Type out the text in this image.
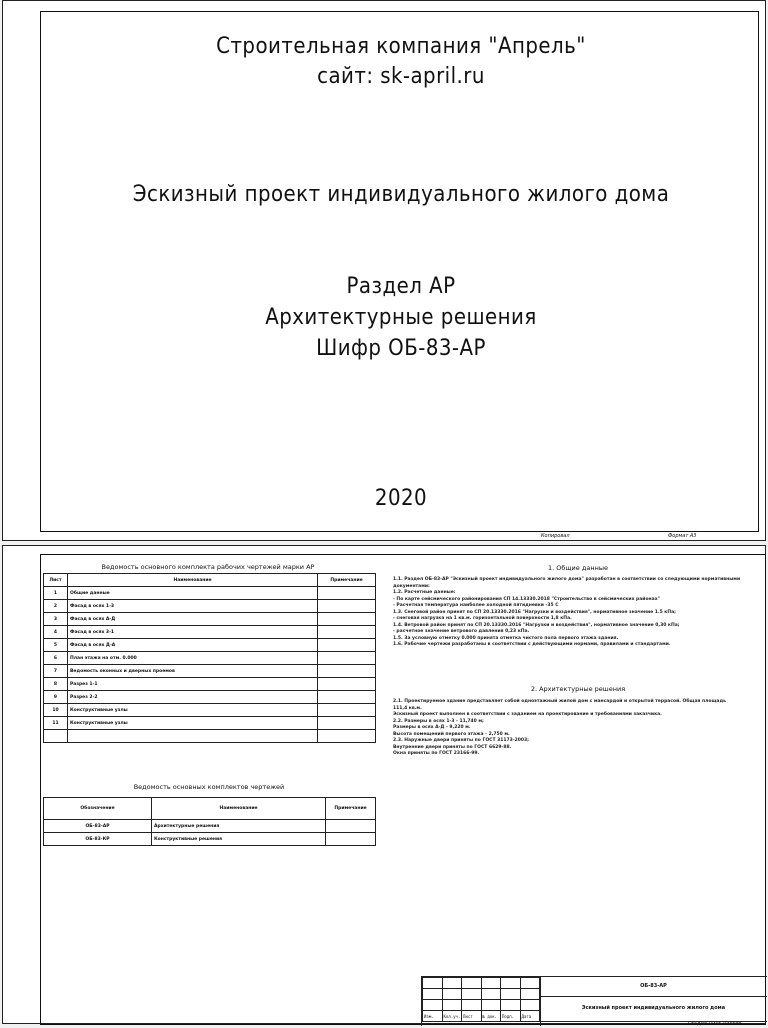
Строительная компания "Апрель"
сайт: sk-april.ru
Эскизный проект индивидуального жилого дома
Раздел АР
Архитектурные решения
Шифр ОБ-83-АР
2020
Копировал	Формат А3
Ведомость основного комплекта рабочих чертежей марки АР
Лист	Наименование	Примечание
1	Общие данные	
2	Фасад в осях 1-3	
3	Фасад в осях А-Д	
4	Фасад в осях 3-1	
5	Фасад в осях Д-А	
6	План этажа на отм. 0.000	
7	Ведомость оконных и дверных проемов	
8	Разрез 1-1	
9	Разрез 2-2	
10	Конструктивные узлы	
11	Конструктивные узлы	

Ведомость основных комплектов чертежей
Обозначение	Наименование	Примечание
ОБ-83-АР	Архитектурные решения	
ОБ-83-КР	Конструктивные решения	
1. Общие данные
1.1. Раздел ОБ-83-АР "Эскизный проект индивидуального жилого дома" разработан в соответствии со следующими нормативными
документами:
1.2. Расчетные данные:
- По карте сейсмического районирования СП 14.13330.2018 "Строительство в сейсмических районах"
- Расчетная температура наиболее холодной пятидневки -35 С
1.3. Снеговой район принят по СП 20.13330.2016 "Нагрузки и воздействия", нормативное значение 1.5 кПа;
- снеговая нагрузка на 1 кв.м. горизонтальной поверхности 1,8 кПа.
1.4. Ветровой район принят по СП 20.13330.2016 "Нагрузки и воздействия", нормативное значение 0,30 кПа;
- расчетное значение ветрового давления 0,23 кПа.
1.5. За условную отметку 0.000 принята отметка чистого пола первого этажа здания.
1.6. Рабочие чертежи разработаны в соответствии с действующими нормами, правилами и стандартами.
2. Архитектурные решения
2.1. Проектируемое здание представляет собой одноэтажный жилой дом с мансардой и открытой террасой. Общая площадь
111,4 кв.м.
Эскизный проект выполнен в соответствии с заданием на проектирование и требованиями заказчика.
2.2. Размеры в осях 1-3 - 11,740 м;
Размеры в осях А-Д - 9,220 м.
Высота помещений первого этажа - 2,750 м.
2.3. Наружные двери приняты по ГОСТ 31173-2003;
Внутренние двери приняты по ГОСТ 6629-88.
Окна приняты по ГОСТ 23166-99.

Изм.	Кол.уч.	Лист	№ док.	Подп.	Дата
ОБ-83-АР
Эскизный проект индивидуального жилого дома
Стадия Лист Листов
